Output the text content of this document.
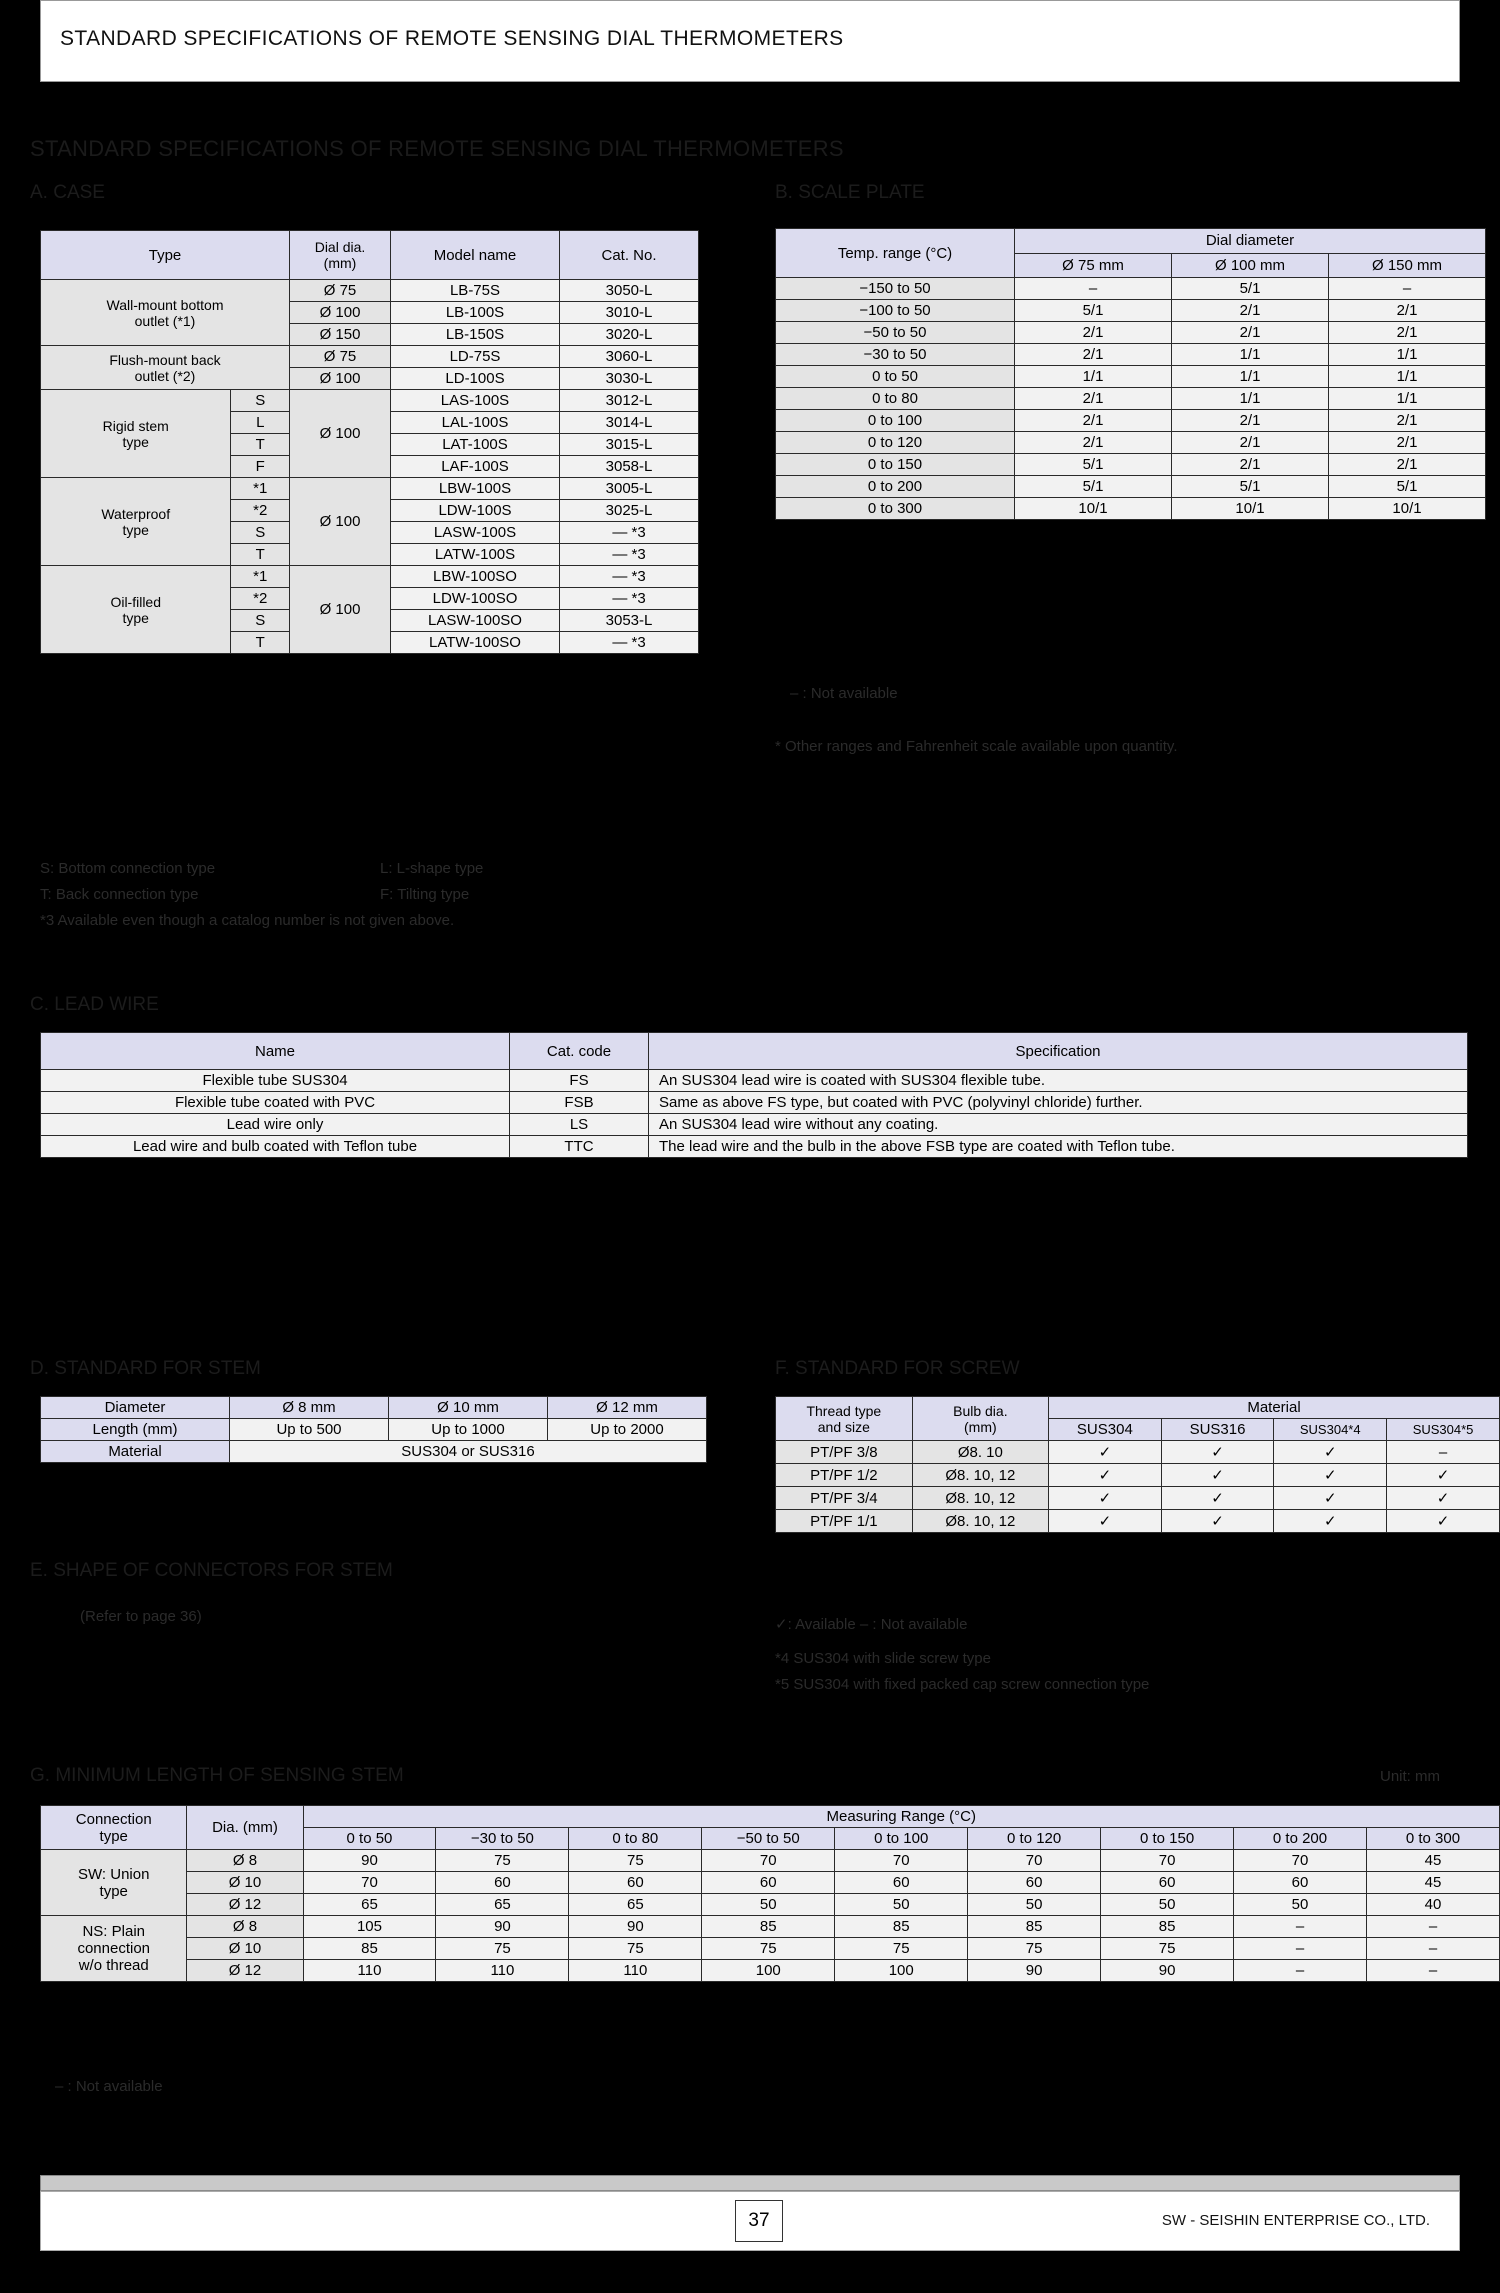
STANDARD SPECIFICATIONS OF REMOTE SENSING DIAL THERMOMETERS
STANDARD SPECIFICATIONS OF REMOTE SENSING DIAL THERMOMETERS
A. CASE
Type		Dial dia.
(mm)	Model name	Cat. No.
Wall-mount bottom
outlet (*1)		Ø 75	LB-75S	3050-L
		Ø 100	LB-100S	3010-L
		Ø 150	LB-150S	3020-L
Flush-mount back
outlet (*2)		Ø 75	LD-75S	3060-L
		Ø 100	LD-100S	3030-L
Rigid stem
type	S	Ø 100	LAS-100S	3012-L
	L		LAL-100S	3014-L
	T		LAT-100S	3015-L
	F		LAF-100S	3058-L
Waterproof
type	*1	Ø 100	LBW-100S	3005-L
	*2		LDW-100S	3025-L
	S		LASW-100S	— *3
	T		LATW-100S	— *3
Oil-filled
type	*1	Ø 100	LBW-100SO	— *3
	*2		LDW-100SO	— *3
	S		LASW-100SO	3053-L
	T		LATW-100SO	— *3
S: Bottom connection type	L: L-shape type
T: Back connection type	F: Tilting type
*3 Available even though a catalog number is not given above.
B. SCALE PLATE
Temp. range (°C)	Dial diameter		
	Ø 75 mm	Ø 100 mm	Ø 150 mm
−150 to 50	–	5/1	–
−100 to 50	5/1	2/1	2/1
−50 to 50	2/1	2/1	2/1
−30 to 50	2/1	1/1	1/1
0 to 50	1/1	1/1	1/1
0 to 80	2/1	1/1	1/1
0 to 100	2/1	2/1	2/1
0 to 120	2/1	2/1	2/1
0 to 150	5/1	2/1	2/1
0 to 200	5/1	5/1	5/1
0 to 300	10/1	10/1	10/1
– : Not available
* Other ranges and Fahrenheit scale available upon quantity.
C. LEAD WIRE
Name	Cat. code	Specification
Flexible tube SUS304	FS	An SUS304 lead wire is coated with SUS304 flexible tube.
Flexible tube coated with PVC	FSB	Same as above FS type, but coated with PVC (polyvinyl chloride) further.
Lead wire only	LS	An SUS304 lead wire without any coating.
Lead wire and bulb coated with Teflon tube	TTC	The lead wire and the bulb in the above FSB type are coated with Teflon tube.
D. STANDARD FOR STEM
Diameter	Ø 8 mm	Ø 10 mm	Ø 12 mm
Length (mm)	Up to 500	Up to 1000	Up to 2000
Material	SUS304 or SUS316		
E. SHAPE OF CONNECTORS FOR STEM
(Refer to page 36)
F. STANDARD FOR SCREW
Thread type
and size	Bulb dia.
(mm)	Material			
		SUS304	SUS316	SUS304*4	SUS304*5
PT/PF 3/8	Ø8. 10	✓	✓	✓	–
PT/PF 1/2	Ø8. 10, 12	✓	✓	✓	✓
PT/PF 3/4	Ø8. 10, 12	✓	✓	✓	✓
PT/PF 1/1	Ø8. 10, 12	✓	✓	✓	✓
✓: Available – : Not available
*4 SUS304 with slide screw type
*5 SUS304 with fixed packed cap screw connection type
G. MINIMUM LENGTH OF SENSING STEM	Unit: mm
Connection
type	Dia. (mm)	Measuring Range (°C)								
		0 to 50	−30 to 50	0 to 80	−50 to 50	0 to 100	0 to 120	0 to 150	0 to 200	0 to 300
SW: Union
type	Ø 8	90	75	75	70	70	70	70	70	45
	Ø 10	70	60	60	60	60	60	60	60	45
	Ø 12	65	65	65	50	50	50	50	50	40
NS: Plain
connection
w/o thread	Ø 8	105	90	90	85	85	85	85	–	–
	Ø 10	85	75	75	75	75	75	75	–	–
	Ø 12	110	110	110	100	100	90	90	–	–
– : Not available
37	SW - SEISHIN ENTERPRISE CO., LTD.
